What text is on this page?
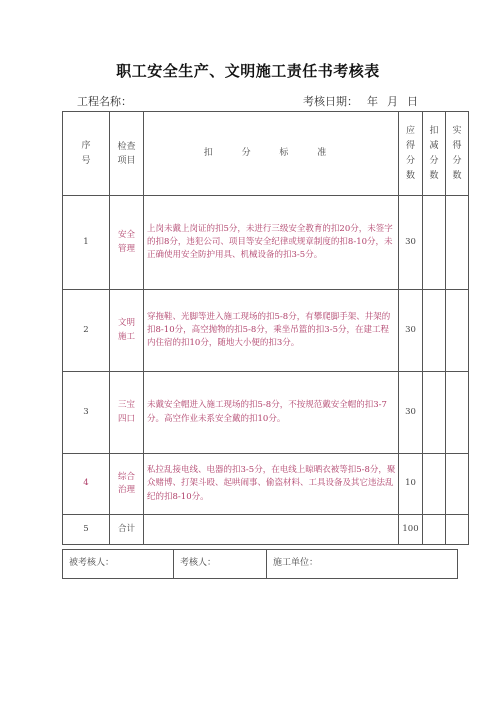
职工安全生产、文明施工责任书考核表
工程名称：	考核日期： 年 月 日
序号	检查项目	扣 分 标 准	应得分数	扣减分数	实得分数
1	安全管理	上岗未戴上岗证的扣5分，未进行三级安全教育的扣20分，未签字的扣8分，违犯公司、项目等安全纪律或规章制度的扣8-10分，未正确使用安全防护用具、机械设备的扣3-5分。	30		
2	文明施工	穿拖鞋、光脚等进入施工现场的扣5-8分，有攀爬脚手架、井架的扣8-10分，高空抛物的扣5-8分，乘坐吊篮的扣3-5分，在建工程内住宿的扣10分，随地大小便的扣3分。	30		
3	三宝四口	未戴安全帽进入施工现场的扣5-8分，不按规范戴安全帽的扣3-7分。高空作业未系安全戴的扣10分。	30		
4	综合治理	私拉乱接电线、电器的扣3-5分，在电线上晾晒衣被等扣5-8分，聚众赌博、打架斗殴、起哄闹事、偷盗材料、工具设备及其它违法乱纪的扣8-10分。	10		
5	合计		100		
被考核人：	考核人：	施工单位：
